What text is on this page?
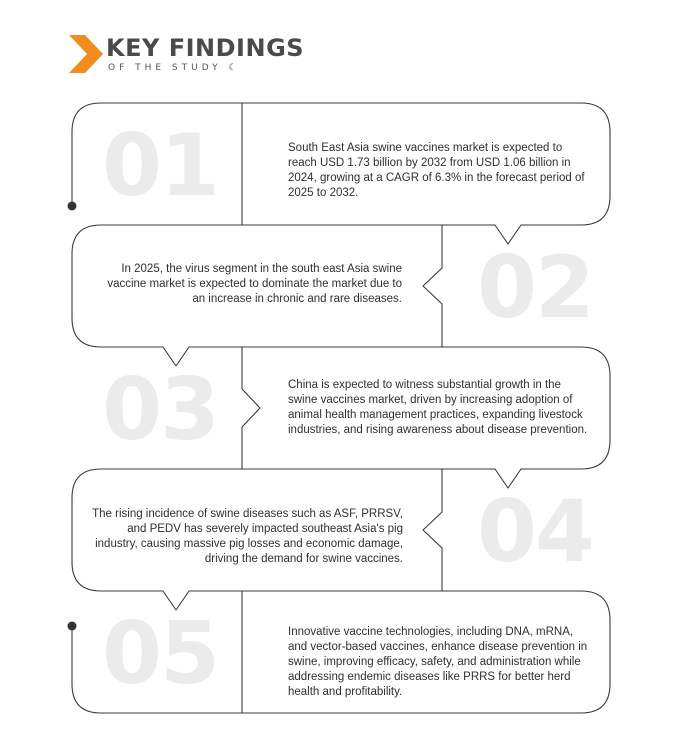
KEY FINDINGS
OF THE STUDY ☾
01	South East Asia swine vaccines market is expected to reach USD 1.73 billion by 2032 from USD 1.06 billion in 2024, growing at a CAGR of 6.3% in the forecast period of 2025 to 2032.
02
In 2025, the virus segment in the south east Asia swine vaccine market is expected to dominate the market due to an increase in chronic and rare diseases.
03	China is expected to witness substantial growth in the swine vaccines market, driven by increasing adoption of animal health management practices, expanding livestock industries, and rising awareness about disease prevention.
04
The rising incidence of swine diseases such as ASF, PRRSV, and PEDV has severely impacted southeast Asia's pig industry, causing massive pig losses and economic damage, driving the demand for swine vaccines.
05	Innovative vaccine technologies, including DNA, mRNA, and vector-based vaccines, enhance disease prevention in swine, improving efficacy, safety, and administration while addressing endemic diseases like PRRS for better herd health and profitability.
